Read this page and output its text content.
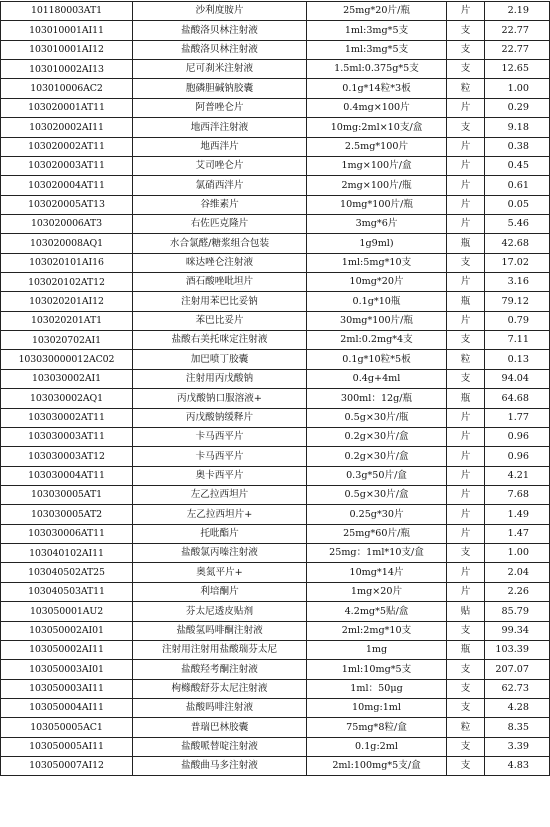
101180003AT1	沙利度胺片	25mg*20片/瓶	片	2.19
103010001AI11	盐酸洛贝林注射液	1ml:3mg*5支	支	22.77
103010001AI12	盐酸洛贝林注射液	1ml:3mg*5支	支	22.77
103010002AI13	尼可刹米注射液	1.5ml:0.375g*5支	支	12.65
103010006AC2	胞磷胆碱钠胶囊	0.1g*14粒*3板	粒	1.00
103020001AT11	阿普唑仑片	0.4mg×100片	片	0.29
103020002AI11	地西泮注射液	10mg:2ml×10支/盒	支	9.18
103020002AT11	地西泮片	2.5mg*100片	片	0.38
103020003AT11	艾司唑仑片	1mg×100片/盒	片	0.45
103020004AT11	氯硝西泮片	2mg×100片/瓶	片	0.61
103020005AT13	谷维素片	10mg*100片/瓶	片	0.05
103020006AT3	右佐匹克隆片	3mg*6片	片	5.46
103020008AQ1	水合氯醛/糖浆组合包装	1g9ml)	瓶	42.68
103020101AI16	咪达唑仑注射液	1ml:5mg*10支	支	17.02
103020102AT12	酒石酸唑吡坦片	10mg*20片	片	3.16
103020201AI12	注射用苯巴比妥钠	0.1g*10瓶	瓶	79.12
103020201AT1	苯巴比妥片	30mg*100片/瓶	片	0.79
103020702AI1	盐酸右美托咪定注射液	2ml:0.2mg*4支	支	7.11
103030000012AC02	加巴喷丁胶囊	0.1g*10粒*5板	粒	0.13
103030002AI1	注射用丙戊酸钠	0.4g+4ml	支	94.04
103030002AQ1	丙戊酸钠口服溶液+	300ml：12g/瓶	瓶	64.68
103030002AT11	丙戊酸钠缓释片	0.5g×30片/瓶	片	1.77
103030003AT11	卡马西平片	0.2g×30片/盒	片	0.96
103030003AT12	卡马西平片	0.2g×30片/盒	片	0.96
103030004AT11	奥卡西平片	0.3g*50片/盒	片	4.21
103030005AT1	左乙拉西坦片	0.5g×30片/盒	片	7.68
103030005AT2	左乙拉西坦片+	0.25g*30片	片	1.49
103030006AT11	托吡酯片	25mg*60片/瓶	片	1.47
103040102AI11	盐酸氯丙嗪注射液	25mg：1ml*10支/盒	支	1.00
103040502AT25	奥氮平片+	10mg*14片	片	2.04
103040503AT11	利培酮片	1mg×20片	片	2.26
103050001AU2	芬太尼透皮贴剂	4.2mg*5贴/盒	贴	85.79
103050002AI01	盐酸氢吗啡酮注射液	2ml:2mg*10支	支	99.34
103050002AI11	注射用注射用盐酸瑞芬太尼	1mg	瓶	103.39
103050003AI01	盐酸羟考酮注射液	1ml:10mg*5支	支	207.07
103050003AI11	枸橼酸舒芬太尼注射液	1ml：50μg	支	62.73
103050004AI11	盐酸吗啡注射液	10mg:1ml	支	4.28
103050005AC1	普瑞巴林胶囊	75mg*8粒/盒	粒	8.35
103050005AI11	盐酸哌替啶注射液	0.1g:2ml	支	3.39
103050007AI12	盐酸曲马多注射液	2ml:100mg*5支/盒	支	4.83
